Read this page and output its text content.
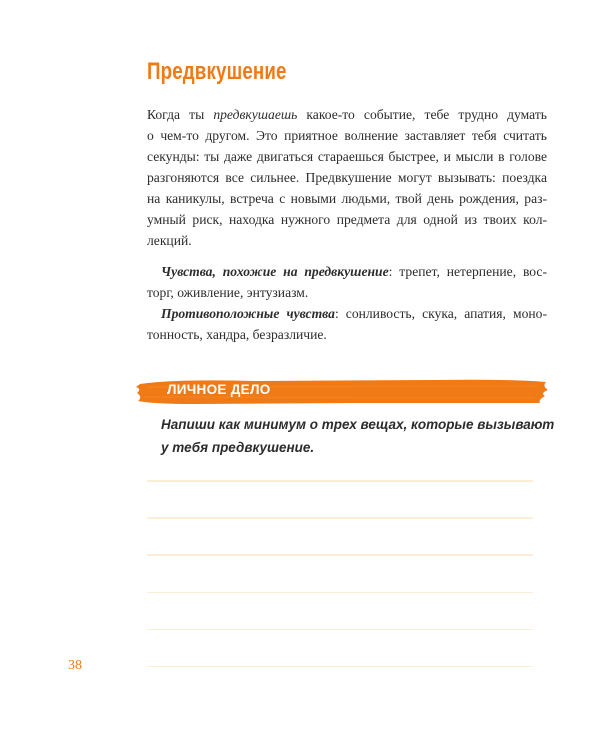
Предвкушение
Когда ты предвкушаешь какое-то событие, тебе трудно думать
о чем-то другом. Это приятное волнение заставляет тебя считать
секунды: ты даже двигаться стараешься быстрее, и мысли в голове
разгоняются все сильнее. Предвкушение могут вызывать: поездка
на каникулы, встреча с новыми людьми, твой день рождения, раз-
умный риск, находка нужного предмета для одной из твоих кол-
лекций.
Чувства, похожие на предвкушение: трепет, нетерпение, вос-
торг, оживление, энтузиазм.
Противоположные чувства: сонливость, скука, апатия, моно-
тонность, хандра, безразличие.
ЛИЧНОЕ ДЕЛО
Напиши как минимум о трех вещах, которые вызывают
у тебя предвкушение.
38
